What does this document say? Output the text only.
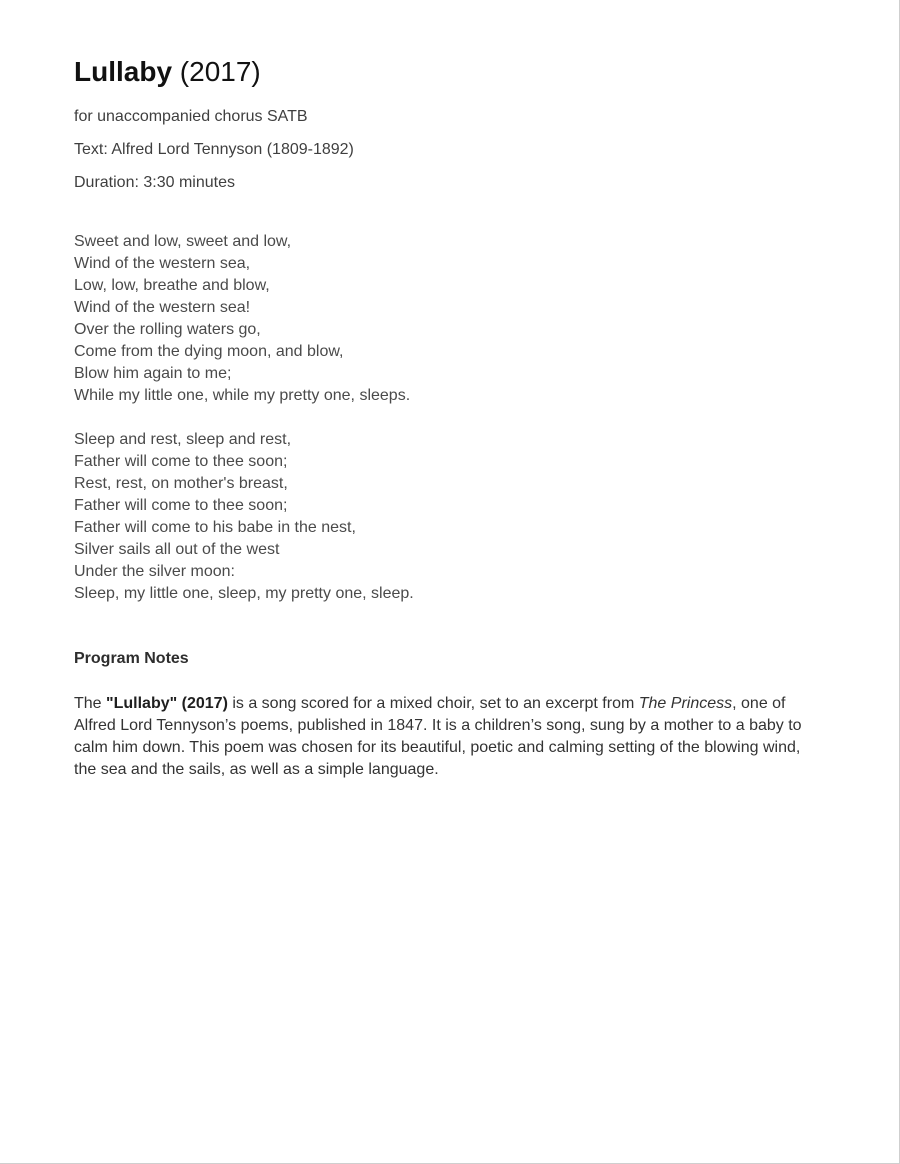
Lullaby (2017)
for unaccompanied chorus SATB
Text: Alfred Lord Tennyson (1809-1892)
Duration: 3:30 minutes
Sweet and low, sweet and low,
Wind of the western sea,
Low, low, breathe and blow,
Wind of the western sea!
Over the rolling waters go,
Come from the dying moon, and blow,
Blow him again to me;
While my little one, while my pretty one, sleeps.
Sleep and rest, sleep and rest,
Father will come to thee soon;
Rest, rest, on mother's breast,
Father will come to thee soon;
Father will come to his babe in the nest,
Silver sails all out of the west
Under the silver moon:
Sleep, my little one, sleep, my pretty one, sleep.
Program Notes

The "Lullaby" (2017) is a song scored for a mixed choir, set to an excerpt from The Princess, one of Alfred Lord Tennyson’s poems, published in 1847. It is a children’s song, sung by a mother to a baby to calm him down. This poem was chosen for its beautiful, poetic and calming setting of the blowing wind, the sea and the sails, as well as a simple language.
